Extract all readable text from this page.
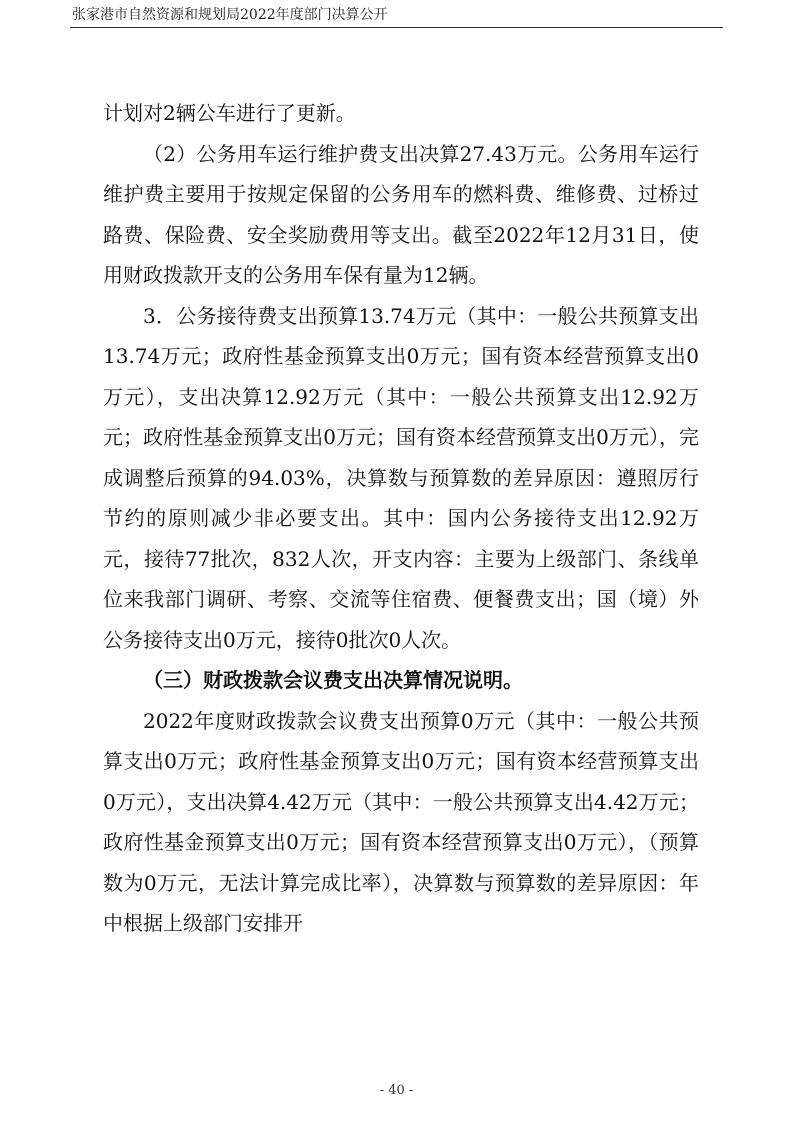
张家港市自然资源和规划局2022年度部门决算公开

计划对2辆公车进行了更新。

（2）公务用车运行维护费支出决算27.43万元。公务用车运行维护费主要用于按规定保留的公务用车的燃料费、维修费、过桥过路费、保险费、安全奖励费用等支出。截至2022年12月31日，使用财政拨款开支的公务用车保有量为12辆。

3．公务接待费支出预算13.74万元（其中：一般公共预算支出13.74万元；政府性基金预算支出0万元；国有资本经营预算支出0万元），支出决算12.92万元（其中：一般公共预算支出12.92万元；政府性基金预算支出0万元；国有资本经营预算支出0万元），完成调整后预算的94.03%，决算数与预算数的差异原因：遵照厉行节约的原则减少非必要支出。其中：国内公务接待支出12.92万元，接待77批次，832人次，开支内容：主要为上级部门、条线单位来我部门调研、考察、交流等住宿费、便餐费支出；国（境）外公务接待支出0万元，接待0批次0人次。

（三）财政拨款会议费支出决算情况说明。

2022年度财政拨款会议费支出预算0万元（其中：一般公共预算支出0万元；政府性基金预算支出0万元；国有资本经营预算支出0万元），支出决算4.42万元（其中：一般公共预算支出4.42万元；政府性基金预算支出0万元；国有资本经营预算支出0万元），（预算数为0万元，无法计算完成比率），决算数与预算数的差异原因：年中根据上级部门安排开

- 40 -
